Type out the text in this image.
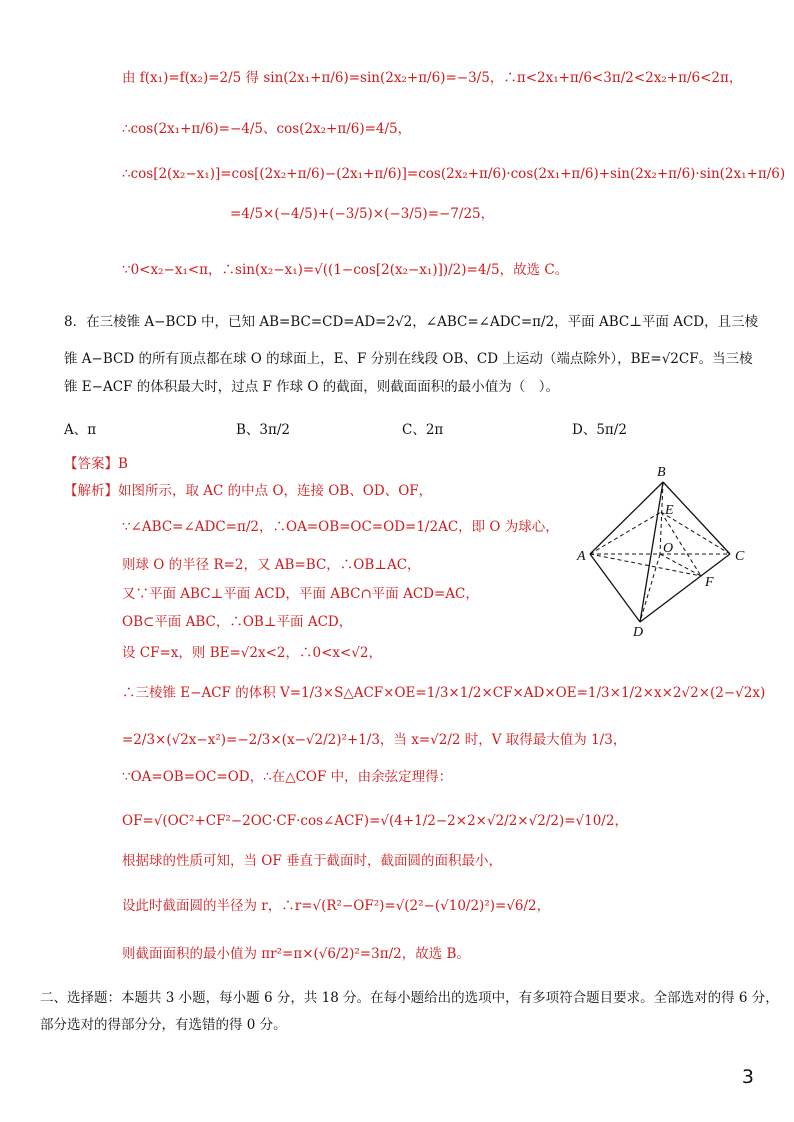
由 f(x₁)=f(x₂)=2/5 得 sin(2x₁+π/6)=sin(2x₂+π/6)=−3/5，∴π<2x₁+π/6<3π/2<2x₂+π/6<2π，
∴cos(2x₁+π/6)=−4/5、cos(2x₂+π/6)=4/5，
∴cos[2(x₂−x₁)]=cos[(2x₂+π/6)−(2x₁+π/6)]=cos(2x₂+π/6)·cos(2x₁+π/6)+sin(2x₂+π/6)·sin(2x₁+π/6)
=4/5×(−4/5)+(−3/5)×(−3/5)=−7/25，
∵0<x₂−x₁<π，∴sin(x₂−x₁)=√((1−cos[2(x₂−x₁)])/2)=4/5，故选 C。
8．在三棱锥 A−BCD 中，已知 AB=BC=CD=AD=2√2，∠ABC=∠ADC=π/2，平面 ABC⊥平面 ACD，且三棱
锥 A−BCD 的所有顶点都在球 O 的球面上，E、F 分别在线段 OB、CD 上运动（端点除外），BE=√2CF。当三棱
锥 E−ACF 的体积最大时，过点 F 作球 O 的截面，则截面面积的最小值为（　）。
A、π	B、3π/2	C、2π	D、5π/2
【答案】B
【解析】如图所示，取 AC 的中点 O，连接 OB、OD、OF，
∵∠ABC=∠ADC=π/2，∴OA=OB=OC=OD=1/2AC，即 O 为球心，
则球 O 的半径 R=2，又 AB=BC，∴OB⊥AC，
又∵平面 ABC⊥平面 ACD，平面 ABC∩平面 ACD=AC，
OB⊂平面 ABC，∴OB⊥平面 ACD，
设 CF=x，则 BE=√2x<2，∴0<x<√2，
∴三棱锥 E−ACF 的体积 V=1/3×S△ACF×OE=1/3×1/2×CF×AD×OE=1/3×1/2×x×2√2×(2−√2x)
=2/3×(√2x−x²)=−2/3×(x−√2/2)²+1/3，当 x=√2/2 时，V 取得最大值为 1/3，
∵OA=OB=OC=OD，∴在△COF 中，由余弦定理得：
OF=√(OC²+CF²−2OC·CF·cos∠ACF)=√(4+1/2−2×2×√2/2×√2/2)=√10/2，
根据球的性质可知，当 OF 垂直于截面时，截面圆的面积最小，
设此时截面圆的半径为 r，∴r=√(R²−OF²)=√(2²−(√10/2)²)=√6/2，
则截面面积的最小值为 πr²=π×(√6/2)²=3π/2，故选 B。
二、选择题：本题共 3 小题，每小题 6 分，共 18 分。在每小题给出的选项中，有多项符合题目要求。全部选对的得 6 分，
部分选对的得部分分，有选错的得 0 分。
B
E
O
A	C
F
D
3
